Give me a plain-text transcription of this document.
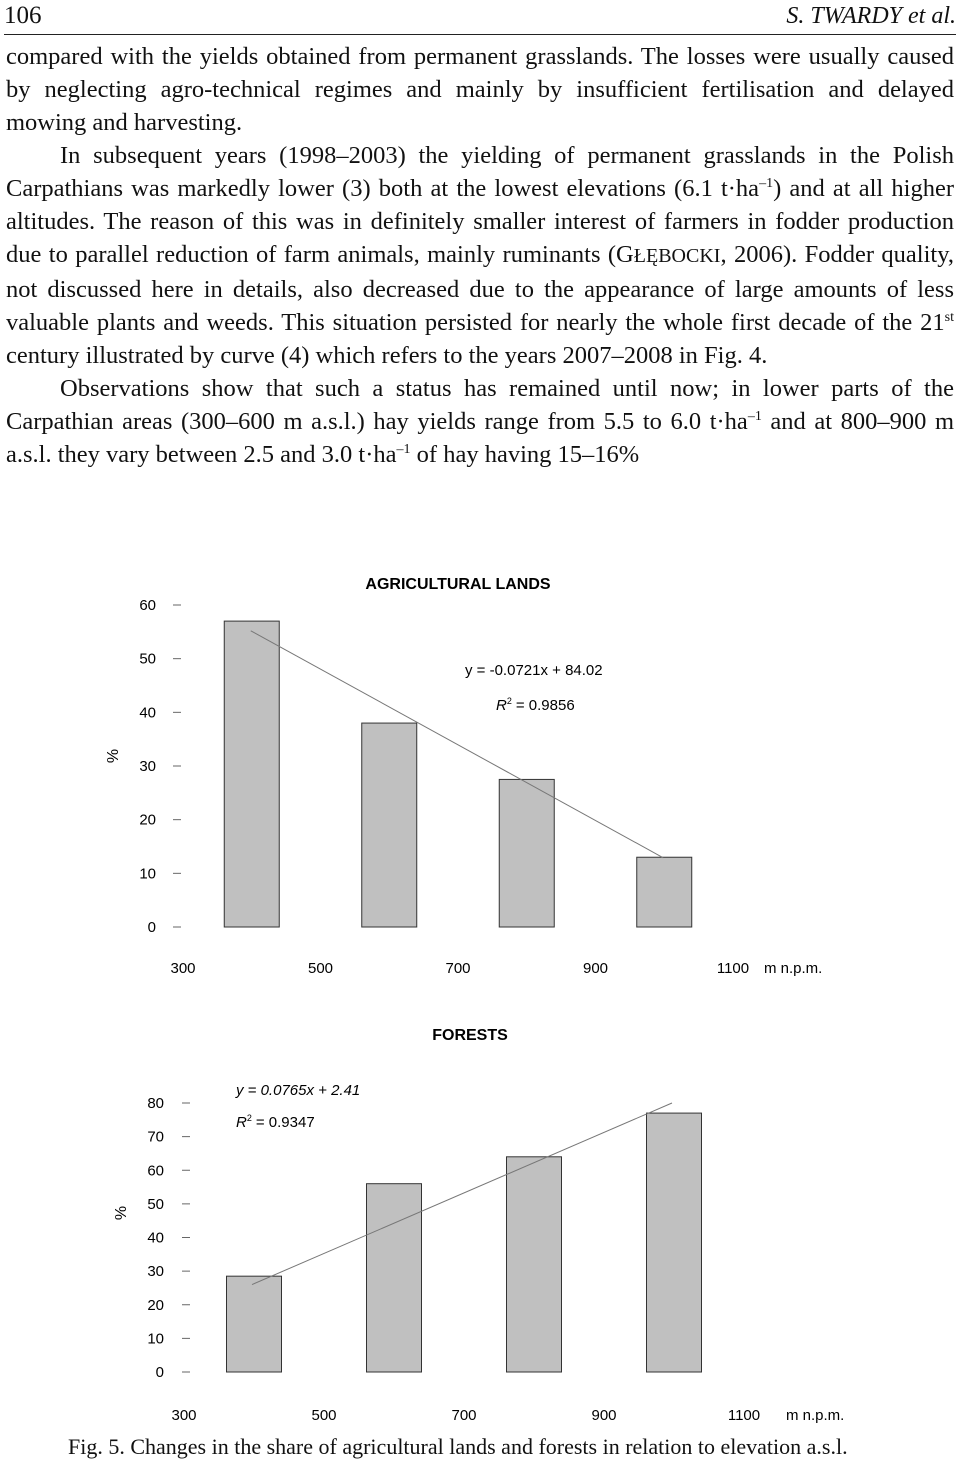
106	S. TWARDY et al.

compared with the yields obtained from permanent grasslands. The losses were usually caused by neglecting agro-technical regimes and mainly by insufficient fertilisation and delayed mowing and harvesting.

In subsequent years (1998–2003) the yielding of permanent grasslands in the Polish Carpathians was markedly lower (3) both at the lowest elevations (6.1 $t\cdot ha^{-1}$) and at all higher altitudes. The reason of this was in definitely smaller interest of farmers in fodder production due to parallel reduction of farm animals, mainly ruminants (GŁĘBOCKI, 2006). Fodder quality, not discussed here in details, also decreased due to the appearance of large amounts of less valuable plants and weeds. This situation persisted for nearly the whole first decade of the 21st century illustrated by curve (4) which refers to the years 2007–2008 in Fig. 4.

Observations show that such a status has remained until now; in lower parts of the Carpathian areas (300–600 m a.s.l.) hay yields range from 5.5 to 6.0 $t\cdot ha^{-1}$ and at 800–900 m a.s.l. they vary between 2.5 and 3.0 $t\cdot ha^{-1}$ of hay having 15–16%

AGRICULTURAL LANDS
0
10
20
30
40
50
60
300	500	700	900	1100
%
m n.p.m.
y = -0.0721x + 84.02
$R^2 = 0.9856$
FORESTS
0
10
20
30
40
50
60
70
80
300	500	700	900	1100
%
m n.p.m.
y = 0.0765x + 2.41
$R^2 = 0.9347$
Fig. 5. Changes in the share of agricultural lands and forests in relation to elevation a.s.l.
